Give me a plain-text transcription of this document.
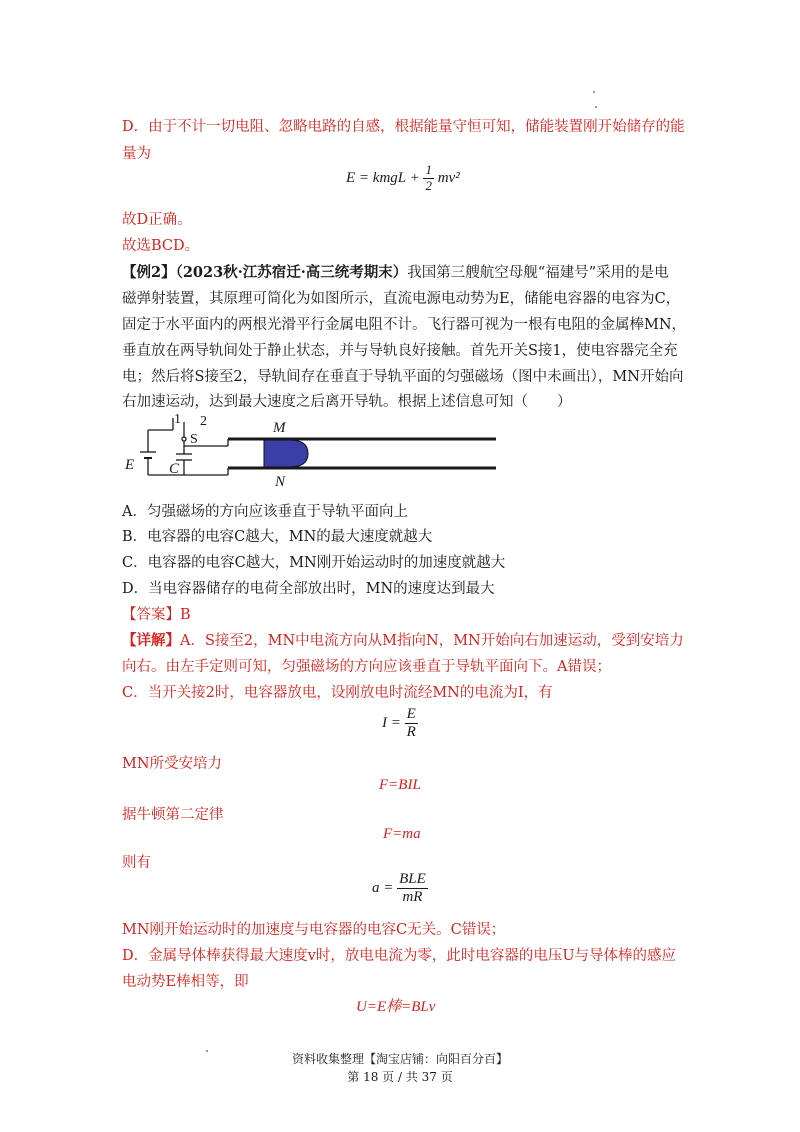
D．由于不计一切电阻、忽略电路的自感，根据能量守恒可知，储能装置刚开始储存的能
量为
E = kmgL + $\frac{1}{2} mv^2$
故D正确。
故选BCD。
【例2】（2023秋·江苏宿迁·高三统考期末）我国第三艘航空母舰“福建号”采用的是电
磁弹射装置，其原理可简化为如图所示，直流电源电动势为E，储能电容器的电容为C，
固定于水平面内的两根光滑平行金属电阻不计。飞行器可视为一根有电阻的金属棒MN，
垂直放在两导轨间处于静止状态，并与导轨良好接触。首先开关S接1，使电容器完全充
电；然后将S接至2，导轨间存在垂直于导轨平面的匀强磁场（图中未画出），MN开始向
右加速运动，达到最大速度之后离开导轨。根据上述信息可知（　　）
1 2
S
M
N
E C
A．匀强磁场的方向应该垂直于导轨平面向上
B．电容器的电容C越大，MN的最大速度就越大
C．电容器的电容C越大，MN刚开始运动时的加速度就越大
D．当电容器储存的电荷全部放出时，MN的速度达到最大
【答案】B
【详解】A．S接至2，MN中电流方向从M指向N，MN开始向右加速运动，受到安培力
向右。由左手定则可知，匀强磁场的方向应该垂直于导轨平面向下。A错误；
C．当开关接2时，电容器放电，设刚放电时流经MN的电流为I，有
$I = \frac{E}{R}$
MN所受安培力
F=BIL
据牛顿第二定律
F=ma
则有
$a = \frac{\text{BLE}}{mR}$
MN刚开始运动时的加速度与电容器的电容C无关。C错误；
D．金属导体棒获得最大速度v时，放电电流为零，此时电容器的电压U与导体棒的感应
电动势E棒相等，即
U=E棒=BLv
资料收集整理【淘宝店铺：向阳百分百】
第 18 页 / 共 37 页
